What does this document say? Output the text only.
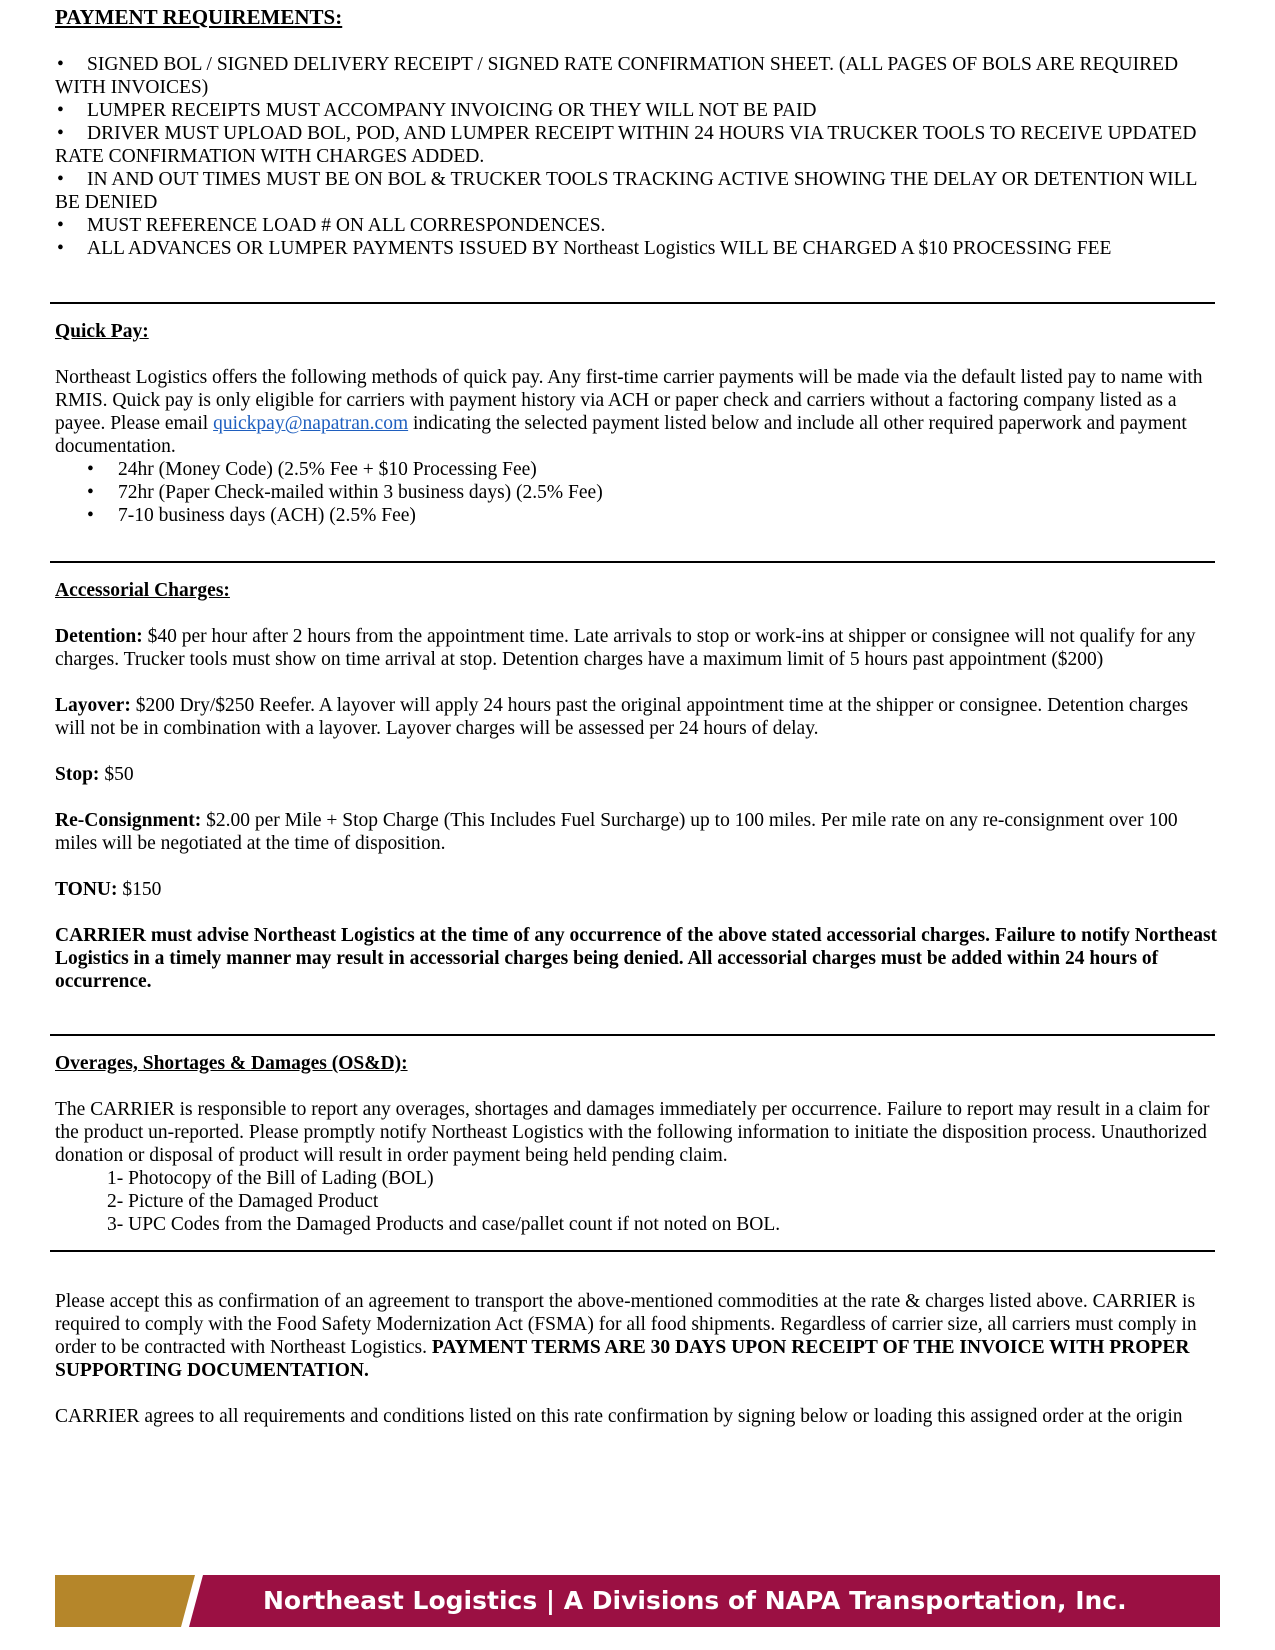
PAYMENT REQUIREMENTS:

• SIGNED BOL / SIGNED DELIVERY RECEIPT / SIGNED RATE CONFIRMATION SHEET. (ALL PAGES OF BOLS ARE REQUIRED WITH INVOICES)
• LUMPER RECEIPTS MUST ACCOMPANY INVOICING OR THEY WILL NOT BE PAID
• DRIVER MUST UPLOAD BOL, POD, AND LUMPER RECEIPT WITHIN 24 HOURS VIA TRUCKER TOOLS TO RECEIVE UPDATED RATE CONFIRMATION WITH CHARGES ADDED.
• IN AND OUT TIMES MUST BE ON BOL & TRUCKER TOOLS TRACKING ACTIVE SHOWING THE DELAY OR DETENTION WILL BE DENIED
• MUST REFERENCE LOAD # ON ALL CORRESPONDENCES.
• ALL ADVANCES OR LUMPER PAYMENTS ISSUED BY Northeast Logistics WILL BE CHARGED A $10 PROCESSING FEE

Quick Pay:

Northeast Logistics offers the following methods of quick pay. Any first-time carrier payments will be made via the default listed pay to name with RMIS. Quick pay is only eligible for carriers with payment history via ACH or paper check and carriers without a factoring company listed as a payee. Please email quickpay@napatran.com indicating the selected payment listed below and include all other required paperwork and payment documentation.

• 24hr (Money Code) (2.5% Fee + $10 Processing Fee)
• 72hr (Paper Check-mailed within 3 business days) (2.5% Fee)
• 7-10 business days (ACH) (2.5% Fee)

Accessorial Charges:

Detention: $40 per hour after 2 hours from the appointment time. Late arrivals to stop or work-ins at shipper or consignee will not qualify for any charges. Trucker tools must show on time arrival at stop. Detention charges have a maximum limit of 5 hours past appointment ($200)

Layover: $200 Dry/$250 Reefer. A layover will apply 24 hours past the original appointment time at the shipper or consignee. Detention charges will not be in combination with a layover. Layover charges will be assessed per 24 hours of delay.

Stop: $50

Re-Consignment: $2.00 per Mile + Stop Charge (This Includes Fuel Surcharge) up to 100 miles. Per mile rate on any re-consignment over 100 miles will be negotiated at the time of disposition.

TONU: $150

CARRIER must advise Northeast Logistics at the time of any occurrence of the above stated accessorial charges. Failure to notify Northeast Logistics in a timely manner may result in accessorial charges being denied. All accessorial charges must be added within 24 hours of occurrence.

Overages, Shortages & Damages (OS&D):

The CARRIER is responsible to report any overages, shortages and damages immediately per occurrence. Failure to report may result in a claim for the product un-reported. Please promptly notify Northeast Logistics with the following information to initiate the disposition process. Unauthorized donation or disposal of product will result in order payment being held pending claim.

1- Photocopy of the Bill of Lading (BOL)
2- Picture of the Damaged Product
3- UPC Codes from the Damaged Products and case/pallet count if not noted on BOL.

Please accept this as confirmation of an agreement to transport the above-mentioned commodities at the rate & charges listed above. CARRIER is required to comply with the Food Safety Modernization Act (FSMA) for all food shipments. Regardless of carrier size, all carriers must comply in order to be contracted with Northeast Logistics. PAYMENT TERMS ARE 30 DAYS UPON RECEIPT OF THE INVOICE WITH PROPER SUPPORTING DOCUMENTATION.

CARRIER agrees to all requirements and conditions listed on this rate confirmation by signing below or loading this assigned order at the origin

Northeast Logistics | A Divisions of NAPA Transportation, Inc.
